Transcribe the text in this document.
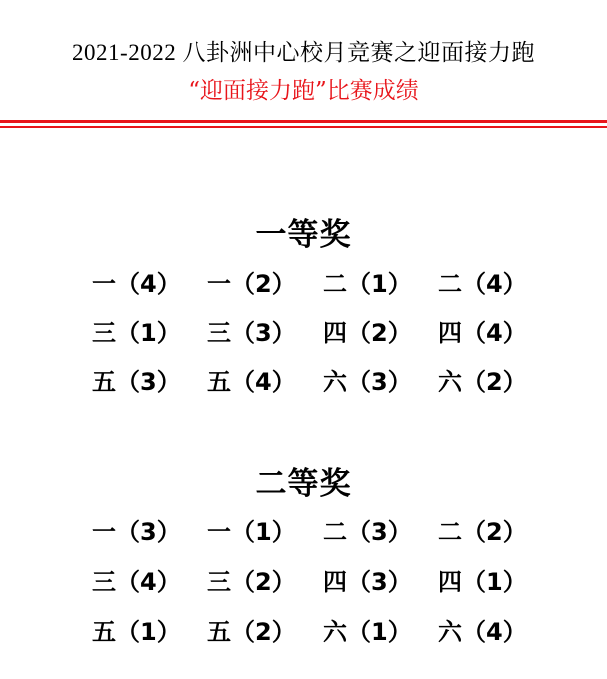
2021-2022 八卦洲中心校月竞赛之迎面接力跑
“迎面接力跑”比赛成绩
一等奖
一（4）	一（2）	二（1）	二（4）
三（1）	三（3）	四（2）	四（4）
五（3）	五（4）	六（3）	六（2）
二等奖
一（3）	一（1）	二（3）	二（2）
三（4）	三（2）	四（3）	四（1）
五（1）	五（2）	六（1）	六（4）
